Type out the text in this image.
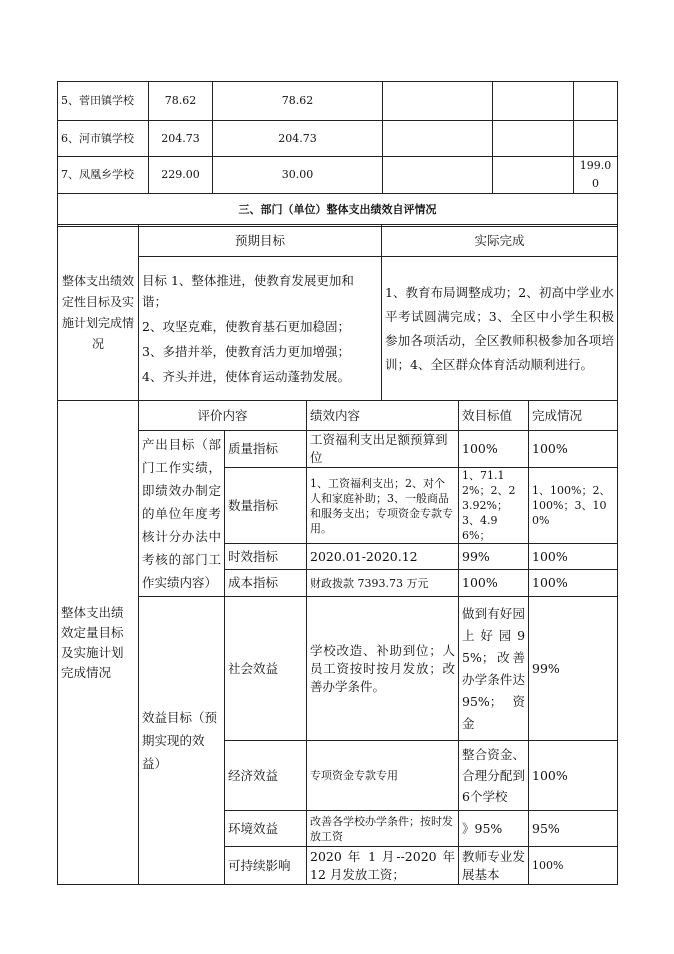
5、菅田镇学校	78.62	78.62			
6、河市镇学校	204.73	204.73			
7、凤凰乡学校	229.00	30.00			199.00
三、部门（单位）整体支出绩效自评情况					
整体支出绩效定性目标及实施计划完成情况	预期目标	实际完成

	目标 1、整体推进，使教育发展更加和谐；
2、攻坚克难，使教育基石更加稳固；
3、多措并举，使教育活力更加增强；
4、齐头并进，使体育运动蓬勃发展。	1、教育布局调整成功；2、初高中学业水平考试圆满完成；3、全区中小学生积极参加各项活动，全区教师积极参加各项培训；4、全区群众体育活动顺利进行。
整体支出绩效定量目标及实施计划完成情况	评价内容		绩效内容	效目标值	完成情况
	产出目标（部门工作实绩，即绩效办制定的单位年度考核计分办法中考核的部门工作实绩内容）	质量指标	工资福利支出足额预算到位	100%	100%
		数量指标	1、工资福利支出；2、对个人和家庭补助；3、一般商品和服务支出；专项资金专款专用。	1、71.12%；2、23.92%；3、4.96%；	1、100%；2、100%；3、100%
		时效指标	2020.01-2020.12	99%	100%
		成本指标	财政拨款 7393.73 万元	100%	100%
	效益目标（预期实现的效益）	社会效益	学校改造、补助到位；人员工资按时按月发放；改善办学条件。	做到有好园上好园95%；改善办学条件达95%；资金	99%
		经济效益	专项资金专款专用	整合资金、合理分配到6个学校	100%
		环境效益	改善各学校办学条件；按时发放工资	》95%	95%
		可持续影响	2020 年 1 月--2020 年 12 月发放工资；	教师专业发展基本	100%
